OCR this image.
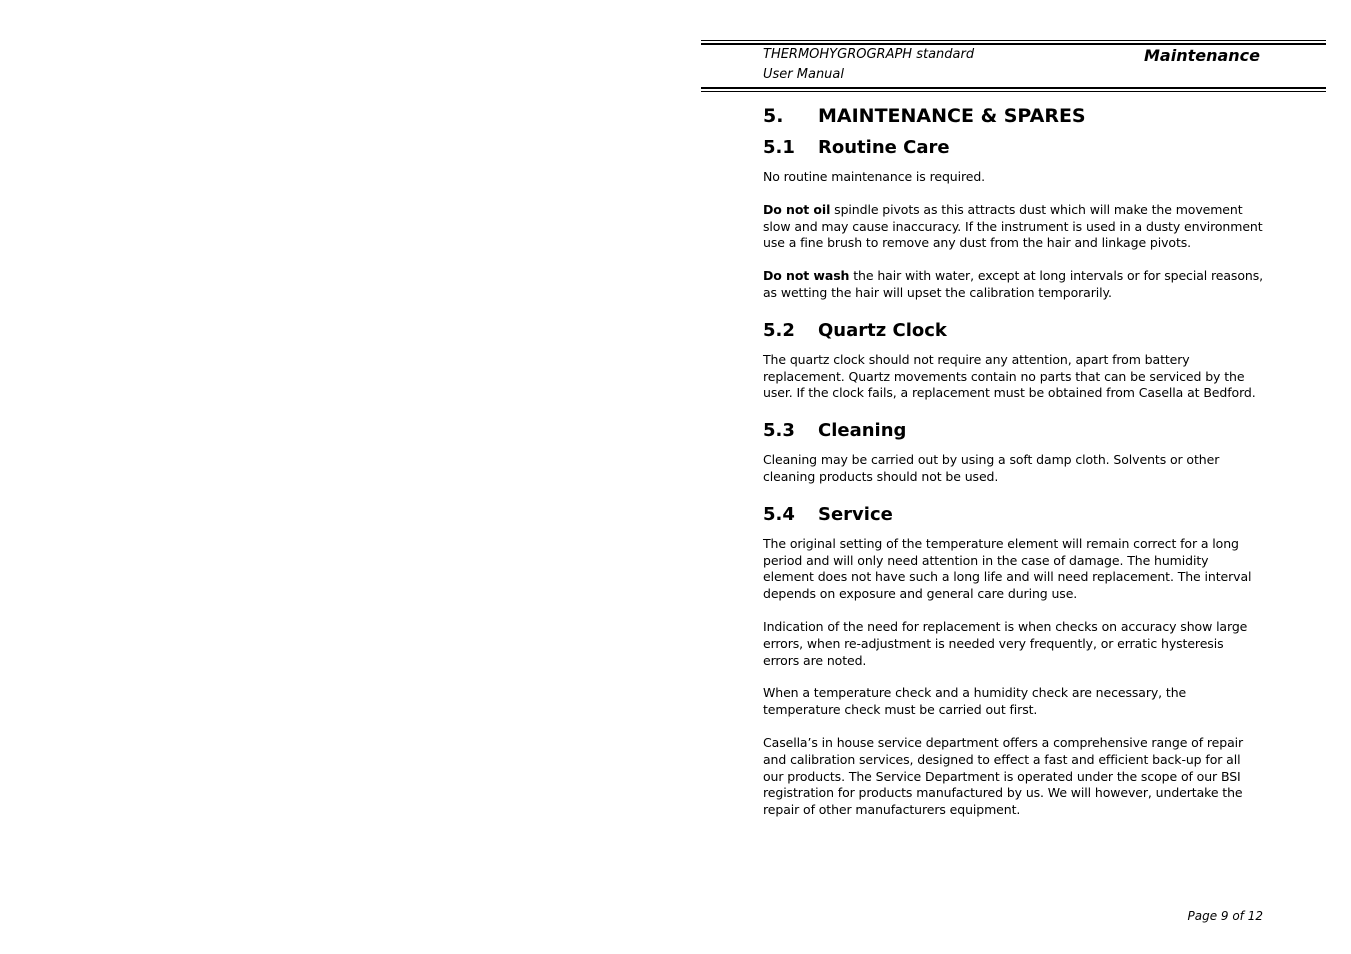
THERMOHYGROGRAPH standard
User Manual
Maintenance
5.	MAINTENANCE & SPARES
5.1	Routine Care

No routine maintenance is required.

Do not oil spindle pivots as this attracts dust which will make the movement slow and may cause inaccuracy. If the instrument is used in a dusty environment use a fine brush to remove any dust from the hair and linkage pivots.

Do not wash the hair with water, except at long intervals or for special reasons, as wetting the hair will upset the calibration temporarily.

5.2	Quartz Clock

The quartz clock should not require any attention, apart from battery replacement. Quartz movements contain no parts that can be serviced by the user. If the clock fails, a replacement must be obtained from Casella at Bedford.

5.3	Cleaning

Cleaning may be carried out by using a soft damp cloth. Solvents or other cleaning products should not be used.

5.4	Service

The original setting of the temperature element will remain correct for a long period and will only need attention in the case of damage. The humidity element does not have such a long life and will need replacement. The interval depends on exposure and general care during use.

Indication of the need for replacement is when checks on accuracy show large errors, when re-adjustment is needed very frequently, or erratic hysteresis errors are noted.

When a temperature check and a humidity check are necessary, the temperature check must be carried out first.

Casella’s in house service department offers a comprehensive range of repair and calibration services, designed to effect a fast and efficient back-up for all our products. The Service Department is operated under the scope of our BSI registration for products manufactured by us. We will however, undertake the repair of other manufacturers equipment.

Page 9 of 12
